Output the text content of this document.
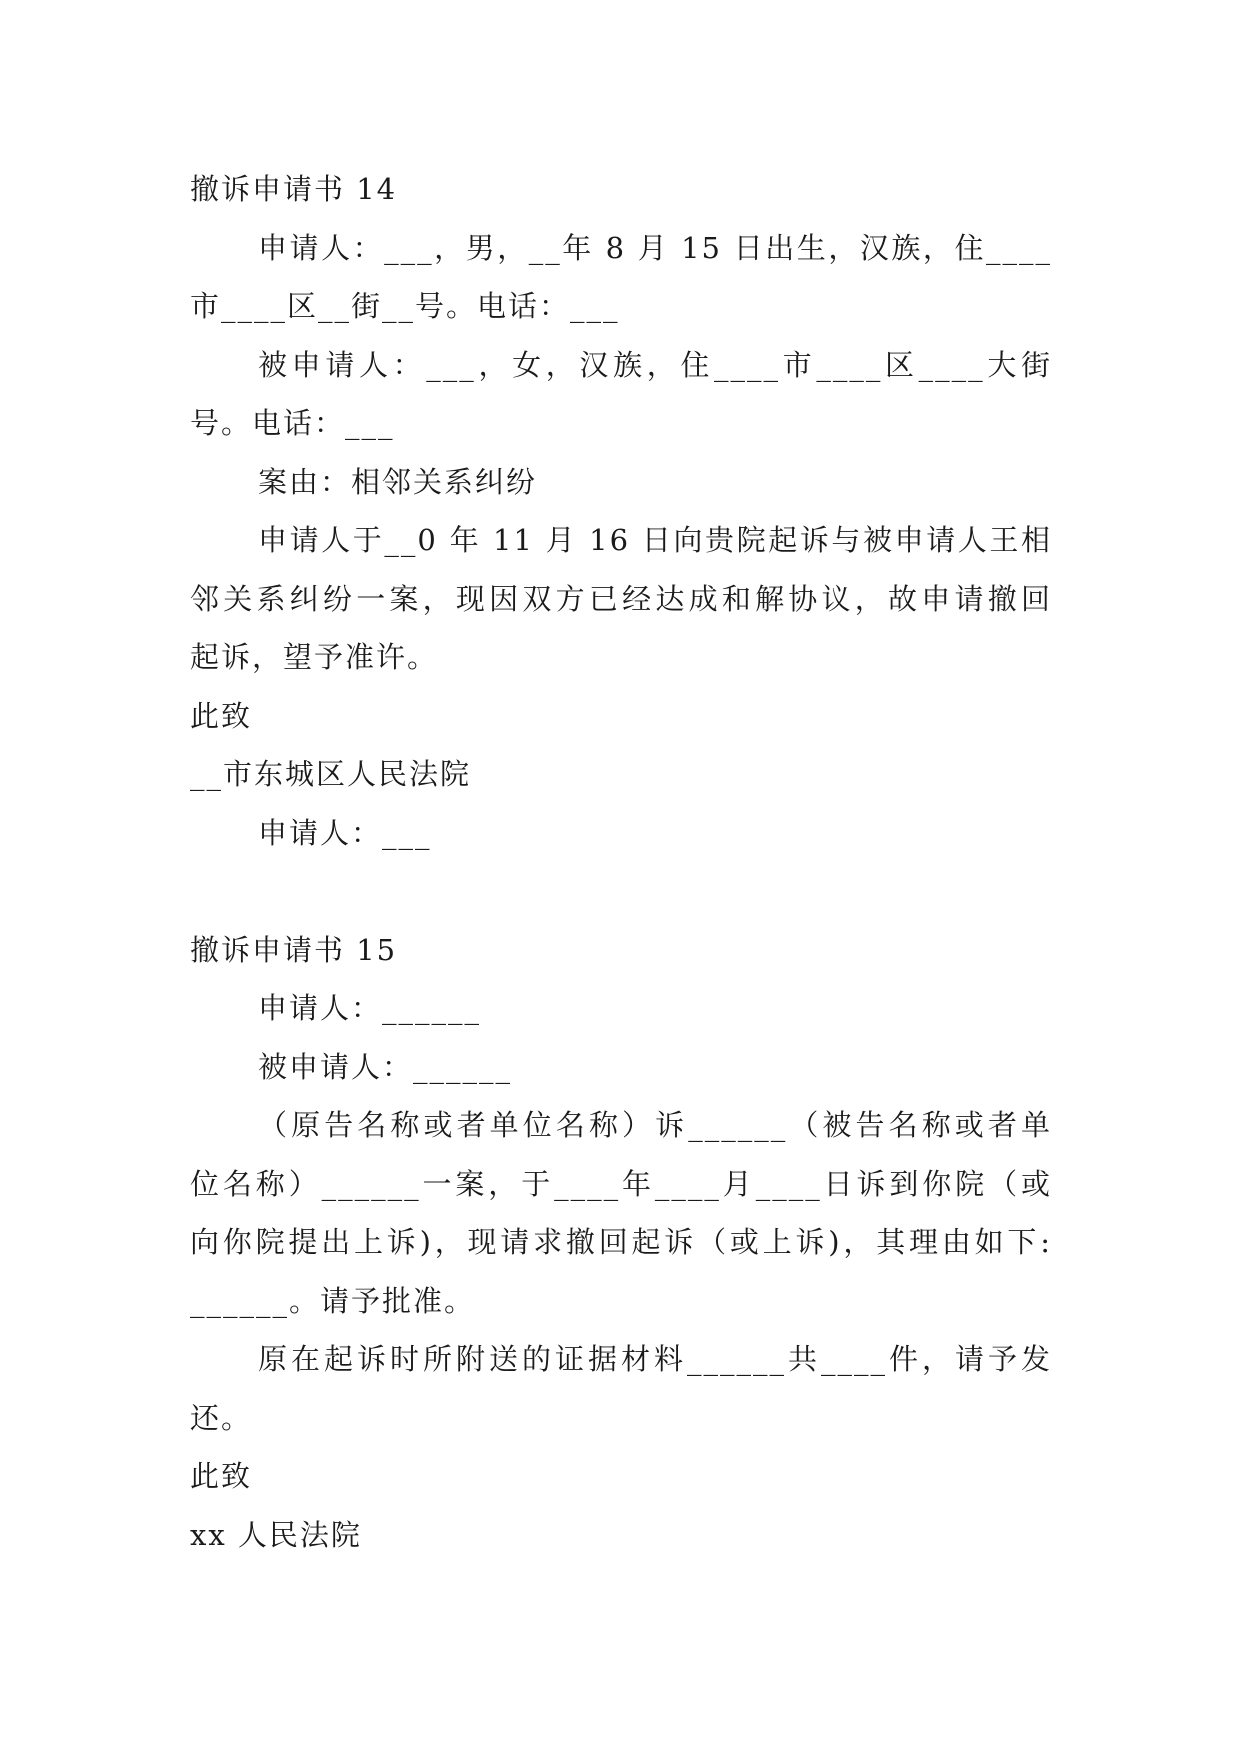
撤诉申请书 14
申请人：___，男，__年 8 月 15 日出生，汉族，住____
市____区__街__号。电话：___
被申请人：___，女，汉族，住____市____区____大街
号。电话：___
案由：相邻关系纠纷
申请人于__0 年 11 月 16 日向贵院起诉与被申请人王相
邻关系纠纷一案，现因双方已经达成和解协议，故申请撤回
起诉，望予准许。
此致
__市东城区人民法院
申请人：___
撤诉申请书 15
申请人：______
被申请人：______
（原告名称或者单位名称）诉______（被告名称或者单
位名称）______一案，于____年____月____日诉到你院（或
向你院提出上诉)，现请求撤回起诉（或上诉)，其理由如下:
______。请予批准。
原在起诉时所附送的证据材料______共____件，请予发
还。
此致
xx 人民法院
